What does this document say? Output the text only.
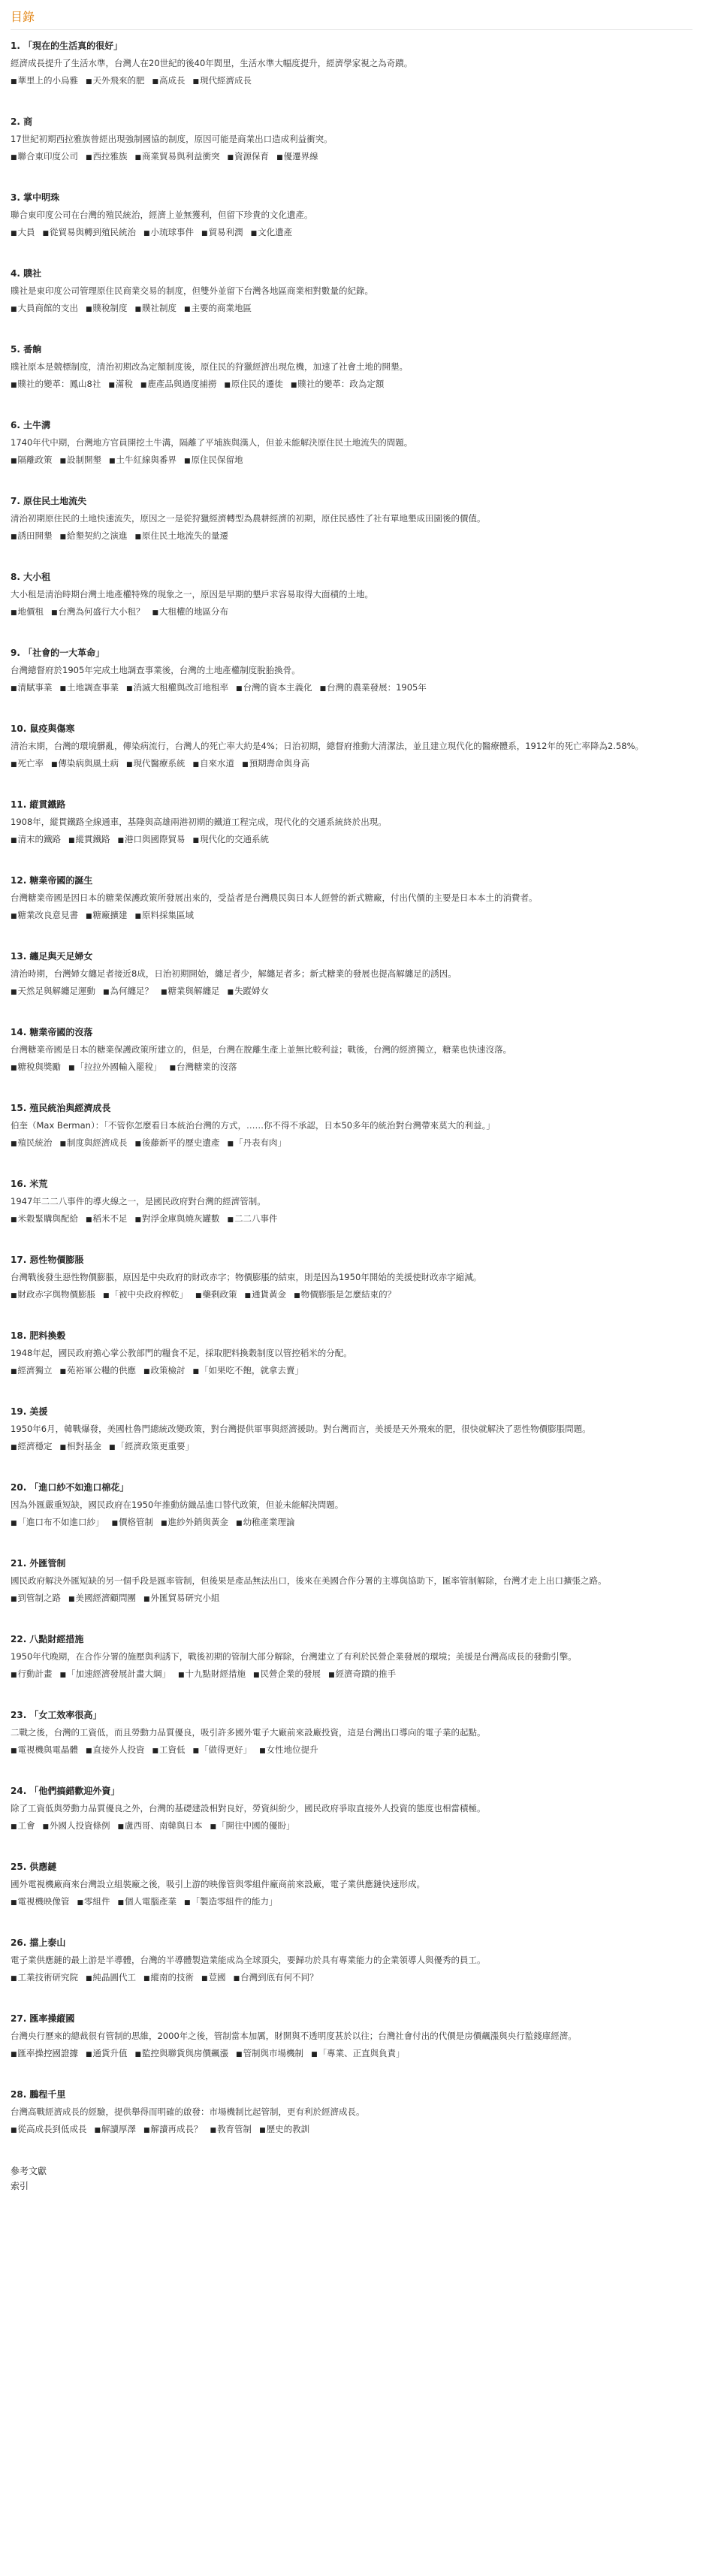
目錄
1. 「現在的生活真的很好」
經濟成長提升了生活水準，台灣人在20世紀的後40年間里，生活水準大幅度提升，經濟學家視之為奇蹟。
■ 華里上的小烏雅 ■ 天外飛來的肥 ■ 高成長 ■ 現代經濟成長
2. 商
17世紀初期西拉雅族曾經出現強制國協的制度，原因可能是商業出口造成利益衝突。
■ 聯合東印度公司 ■ 西拉雅族 ■ 商業貿易與利益衝突 ■ 資源保育 ■ 優遷界線
3. 掌中明珠
聯合東印度公司在台灣的殖民統治，經濟上並無獲利，但留下珍貴的文化遺產。
■ 大員 ■ 從貿易與轉到殖民統治 ■ 小琉球事件 ■ 貿易利潤 ■ 文化遺產
4. 贌社
贌社是東印度公司管理原住民商業交易的制度，但雙外並留下台灣各地區商業相對數量的紀錄。
■ 大員商館的支出 ■ 贌稅制度 ■ 贌社制度 ■ 主要的商業地區
5. 番餉
贌社原本是競標制度，清治初期改為定額制度後，原住民的狩獵經濟出現危機，加速了社會土地的開墾。
■ 贌社的變革：鳳山8社 ■ 滿稅 ■ 鹿產品與過度捕撈 ■ 原住民的遷徙 ■ 贌社的變革：政為定額
6. 土牛溝
1740年代中期，台灣地方官員開挖土牛溝，隔離了平埔族與漢人，但並未能解決原住民土地流失的問題。
■ 隔離政策 ■ 設制開墾 ■ 土牛紅線與番界 ■ 原住民保留地
7. 原住民土地流失
清治初期原住民的土地快速流失，原因之一是從狩獵經濟轉型為農耕經濟的初期，原住民感性了社有單地墾成田園後的價值。
■ 誘田開墾 ■ 給墾契約之演進 ■ 原住民土地流失的量遷
8. 大小租
大小租是清治時期台灣土地產權特殊的現象之一，原因是早期的墾戶求容易取得大面積的土地。
■ 地價租 ■ 台灣為何盛行大小租？ ■ 大租權的地區分布
9. 「社會的一大革命」
台灣總督府於1905年完成土地調查事業後，台灣的土地產權制度脫胎換骨。
■ 清賦事業 ■ 土地調查事業 ■ 消滅大租權與改訂地租率 ■ 台灣的資本主義化 ■ 台灣的農業發展：1905年
10. 鼠疫與傷寒
清治末期，台灣的環境髒亂，傳染病流行，台灣人的死亡率大約是4%；日治初期，總督府推動大清潔法，並且建立現代化的醫療體系，1912年的死亡率降為2.58%。
■ 死亡率 ■ 傳染病與風土病 ■ 現代醫療系統 ■ 自來水道 ■ 預期壽命與身高
11. 縱貫鐵路
1908年，縱貫鐵路全線通車，基隆與高雄兩港初期的鐵道工程完成，現代化的交通系統終於出現。
■ 清末的鐵路 ■ 縱貫鐵路 ■ 港口與國際貿易 ■ 現代化的交通系統
12. 糖業帝國的誕生
台灣糖業帝國是因日本的糖業保護政策所發展出來的，受益者是台灣農民與日本人經營的新式糖廠，付出代價的主要是日本本土的消費者。
■ 糖業改良意見書 ■ 糖廠擴建 ■ 原料採集區域
13. 纏足與天足婦女
清治時期，台灣婦女纏足者接近8成，日治初期開始，纏足者少，解纏足者多；新式糖業的發展也提高解纏足的誘因。
■ 天然足與解纏足運動 ■ 為何纏足？ ■ 糖業與解纏足 ■ 失蹤婦女
14. 糖業帝國的沒落
台灣糖業帝國是日本的糖業保護政策所建立的，但是，台灣在脫離生產上並無比較利益；戰後，台灣的經濟獨立，糖業也快速沒落。
■ 糖稅與獎勵 ■ 「拉拉外國輸入罷稅」 ■ 台灣糖業的沒落
15. 殖民統治與經濟成長
伯奎（Max Berman）：「不管你怎麼看日本統治台灣的方式，……你不得不承認，日本50多年的統治對台灣帶來莫大的利益。」
■ 殖民統治 ■ 制度與經濟成長 ■ 後藤新平的歷史遺產 ■ 「丹表有肉」
16. 米荒
1947年二二八事件的導火線之一，是國民政府對台灣的經濟管制。
■ 米穀緊購與配給 ■ 稻米不足 ■ 對浮金庫與燒灰罐數 ■ 二二八事件
17. 惡性物價膨脹
台灣戰後發生惡性物價膨脹，原因是中央政府的財政赤字；物價膨脹的結束，則是因為1950年開始的美援使財政赤字縮減。
■ 財政赤字與物價膨脹 ■ 「被中央政府榨乾」 ■ 藥剩政策 ■ 通貨黃金 ■ 物價膨脹是怎麼結束的？
18. 肥料換穀
1948年起，國民政府擔心掌公教部門的糧食不足，採取肥料換穀制度以管控稻米的分配。
■ 經濟獨立 ■ 苑裕軍公糧的供應 ■ 政策檢討 ■ 「如果吃不飽，就拿去賣」
19. 美援
1950年6月，韓戰爆發，美國杜魯門總統改變政策，對台灣提供軍事與經濟援助。對台灣而言，美援是天外飛來的肥，很快就解決了惡性物價膨脹問題。
■ 經濟穩定 ■ 相對基金 ■ 「經濟政策更重要」
20. 「進口紗不如進口棉花」
因為外匯嚴重短缺，國民政府在1950年推動紡織品進口替代政策，但並未能解決問題。
■ 「進口布不如進口紗」 ■ 價格管制 ■ 進紗外銷與黃金 ■ 幼稚產業理論
21. 外匯管制
國民政府解決外匯短缺的另一個手段是匯率管制，但後果是產品無法出口，後來在美國合作分署的主導與協助下，匯率管制解除，台灣才走上出口擴張之路。
■ 到管制之路 ■ 美國經濟顧問團 ■ 外匯貿易研究小組
22. 八點財經措施
1950年代晚期，在合作分署的施壓與利誘下，戰後初期的管制大部分解除，台灣建立了有利於民營企業發展的環境；美援是台灣高成長的發動引擎。
■ 行動計畫 ■ 「加速經濟發展計畫大綱」 ■ 十九點財經措施 ■ 民營企業的發展 ■ 經濟奇蹟的推手
23. 「女工效率很高」
二戰之後，台灣的工資低，而且勞動力品質優良，吸引許多國外電子大廠前來設廠投資，這是台灣出口導向的電子業的起點。
■ 電視機與電晶體 ■ 直接外人投資 ■ 工資低 ■ 「做得更好」 ■ 女性地位提升
24. 「他們搞錯歡迎外資」
除了工資低與勞動力品質優良之外，台灣的基礎建設相對良好，勞資糾紛少，國民政府爭取直接外人投資的態度也相當積極。
■ 工會 ■ 外國人投資條例 ■ 盧西哥、南韓與日本 ■ 「開往中國的優盼」
25. 供應鏈
國外電視機廠商來台灣設立組裝廠之後，吸引上游的映像管與零組件廠商前來設廠，電子業供應鏈快速形成。
■ 電視機映像管 ■ 零組件 ■ 個人電腦產業 ■ 「製造零組件的能力」
26. 擋上泰山
電子業供應鏈的最上游是半導體，台灣的半導體製造業能成為全球頂尖，要歸功於具有專業能力的企業領導人與優秀的員工。
■ 工業技術研究院 ■ 純晶圓代工 ■ 縱南的技術 ■ 荳國 ■ 台灣到底有何不同？
27. 匯率操縱國
台灣央行歷來的總裁很有管制的思維，2000年之後，管制當本加厲，財開與不透明度甚於以往；台灣社會付出的代價是房價飆漲與央行監錢庫經濟。
■ 匯率操控國證據 ■ 通貨升值 ■ 監控與聯貨與房價飆漲 ■ 管制與市場機制 ■ 「專業、正直與負責」
28. 鵬程千里
台灣高戰經濟成長的經驗，提供舉得而明確的啟發：市場機制比起管制，更有利於經濟成長。
■ 從高成長到低成長 ■ 解讀厚澤 ■ 解讀再成長？ ■ 教育管制 ■ 歷史的教訓
參考文獻
索引
